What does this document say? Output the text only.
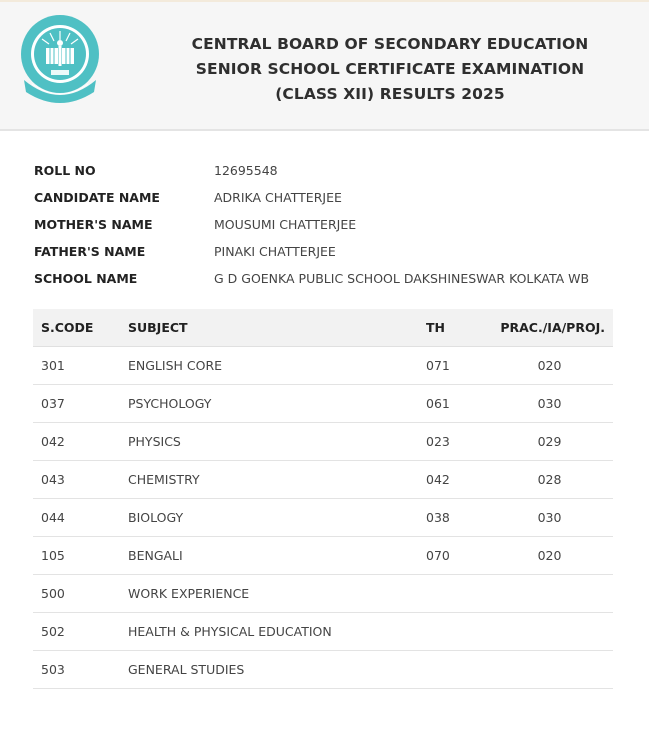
CENTRAL BOARD OF SECONDARY EDUCATION
SENIOR SCHOOL CERTIFICATE EXAMINATION
(CLASS XII) RESULTS 2025
ROLL NO	12695548
CANDIDATE NAME	ADRIKA CHATTERJEE
MOTHER'S NAME	MOUSUMI CHATTERJEE
FATHER'S NAME	PINAKI CHATTERJEE
SCHOOL NAME	G D GOENKA PUBLIC SCHOOL DAKSHINESWAR KOLKATA WB
S.CODE	SUBJECT	TH	PRAC./IA/PROJ.
301	ENGLISH CORE	071	020
037	PSYCHOLOGY	061	030
042	PHYSICS	023	029
043	CHEMISTRY	042	028
044	BIOLOGY	038	030
105	BENGALI	070	020
500	WORK EXPERIENCE		
502	HEALTH & PHYSICAL EDUCATION		
503	GENERAL STUDIES		
